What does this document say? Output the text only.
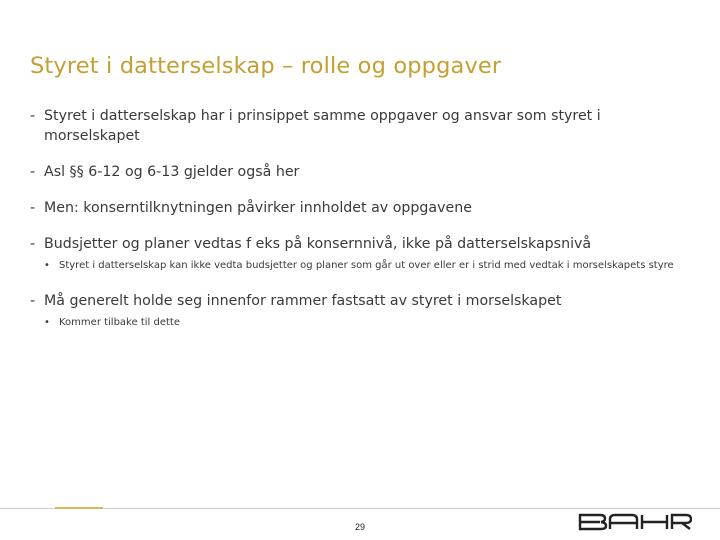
Styret i datterselskap – rolle og oppgaver
- Styret i datterselskap har i prinsippet samme oppgaver og ansvar som styret i morselskapet
- Asl §§ 6-12 og 6-13 gjelder også her
- Men: konserntilknytningen påvirker innholdet av oppgavene
- Budsjetter og planer vedtas f eks på konsernnivå, ikke på datterselskapsnivå
• Styret i datterselskap kan ikke vedta budsjetter og planer som går ut over eller er i strid med vedtak i morselskapets styre
- Må generelt holde seg innenfor rammer fastsatt av styret i morselskapet
• Kommer tilbake til dette
29
